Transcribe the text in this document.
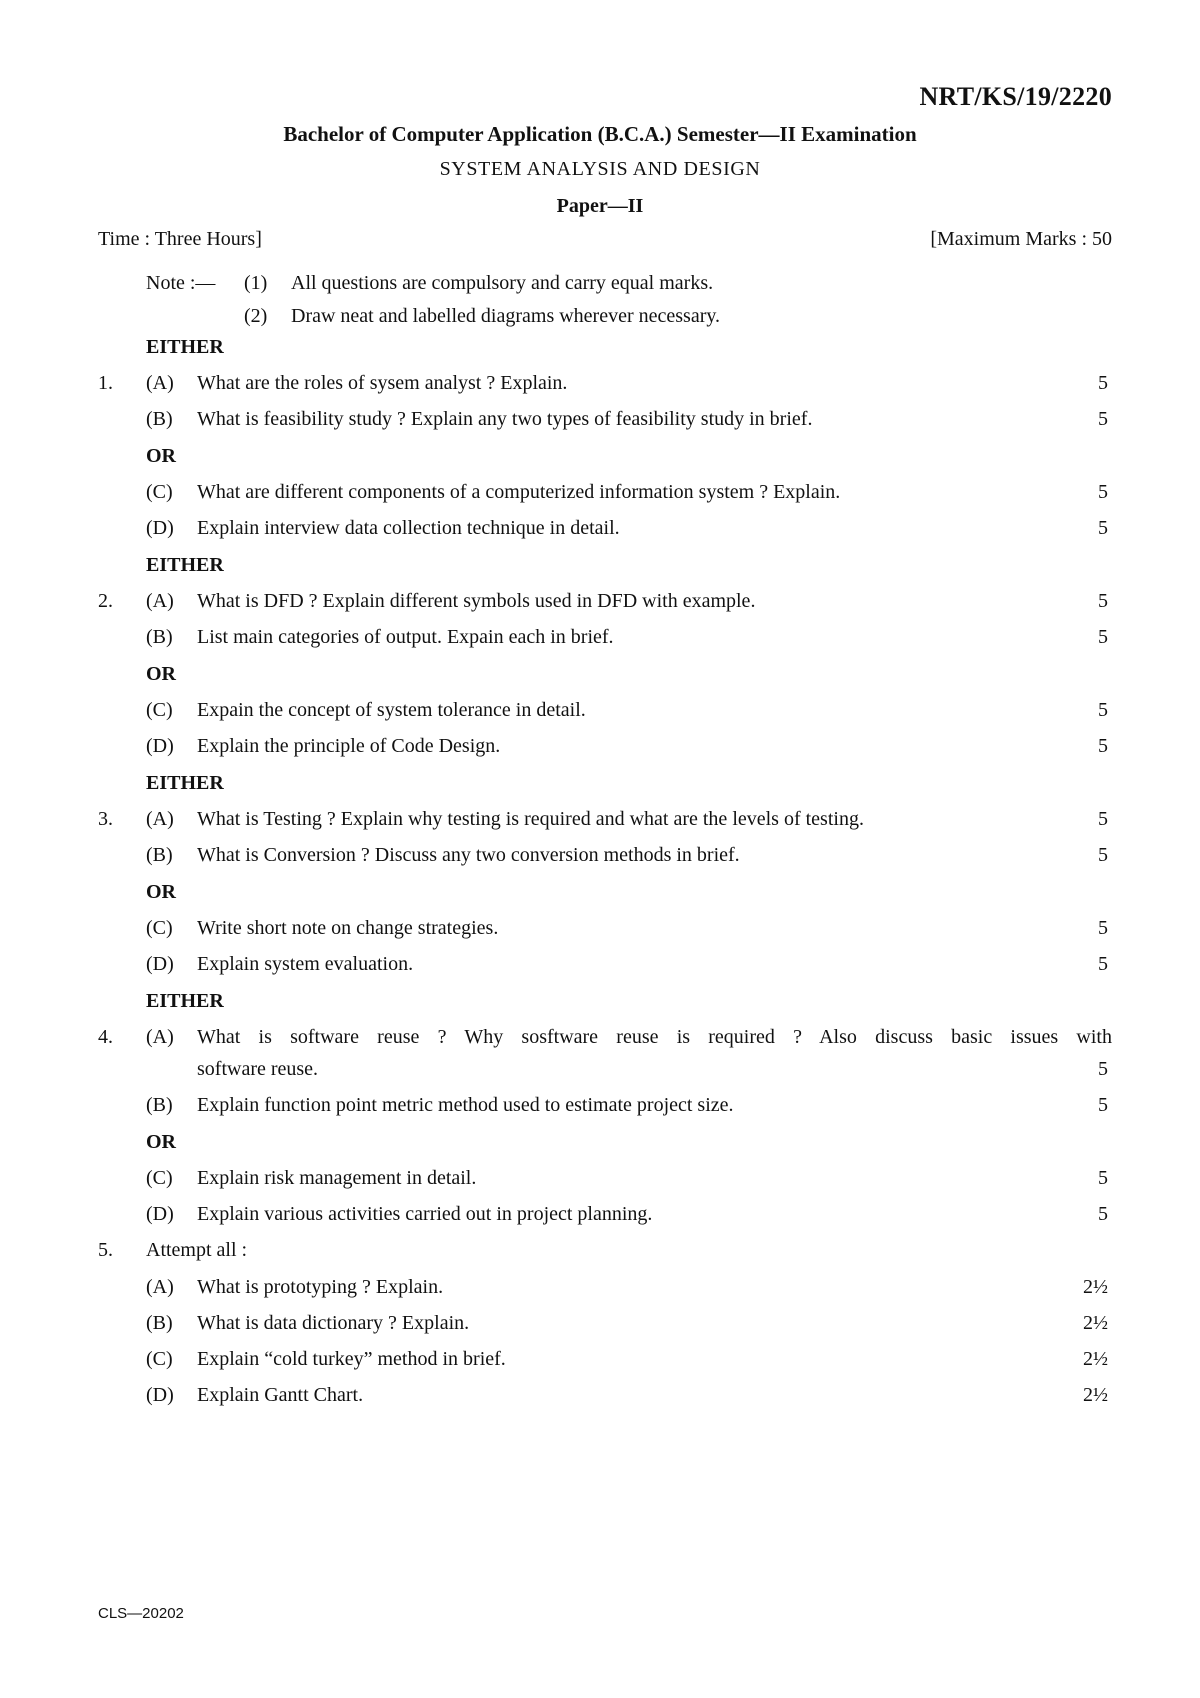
NRT/KS/19/2220
Bachelor of Computer Application (B.C.A.) Semester—II Examination
SYSTEM ANALYSIS AND DESIGN
Paper—II
Time : Three Hours]	[Maximum Marks : 50
Note :— (1) All questions are compulsory and carry equal marks.
(2) Draw neat and labelled diagrams wherever necessary.
EITHER
1. (A) What are the roles of sysem analyst ? Explain.	5
(B) What is feasibility study ? Explain any two types of feasibility study in brief.	5
OR
(C) What are different components of a computerized information system ? Explain.	5
(D) Explain interview data collection technique in detail.	5
EITHER
2. (A) What is DFD ? Explain different symbols used in DFD with example.	5
(B) List main categories of output. Expain each in brief.	5
OR
(C) Expain the concept of system tolerance in detail.	5
(D) Explain the principle of Code Design.	5
EITHER
3. (A) What is Testing ? Explain why testing is required and what are the levels of testing.	5
(B) What is Conversion ? Discuss any two conversion methods in brief.	5
OR
(C) Write short note on change strategies.	5
(D) Explain system evaluation.	5
EITHER
4. (A) What is software reuse ? Why sosftware reuse is required ? Also discuss basic issues with
software reuse.	5
(B) Explain function point metric method used to estimate project size.	5
OR
(C) Explain risk management in detail.	5
(D) Explain various activities carried out in project planning.	5
5. Attempt all :
(A) What is prototyping ? Explain.	2½
(B) What is data dictionary ? Explain.	2½
(C) Explain “cold turkey” method in brief.	2½
(D) Explain Gantt Chart.	2½
CLS—20202
